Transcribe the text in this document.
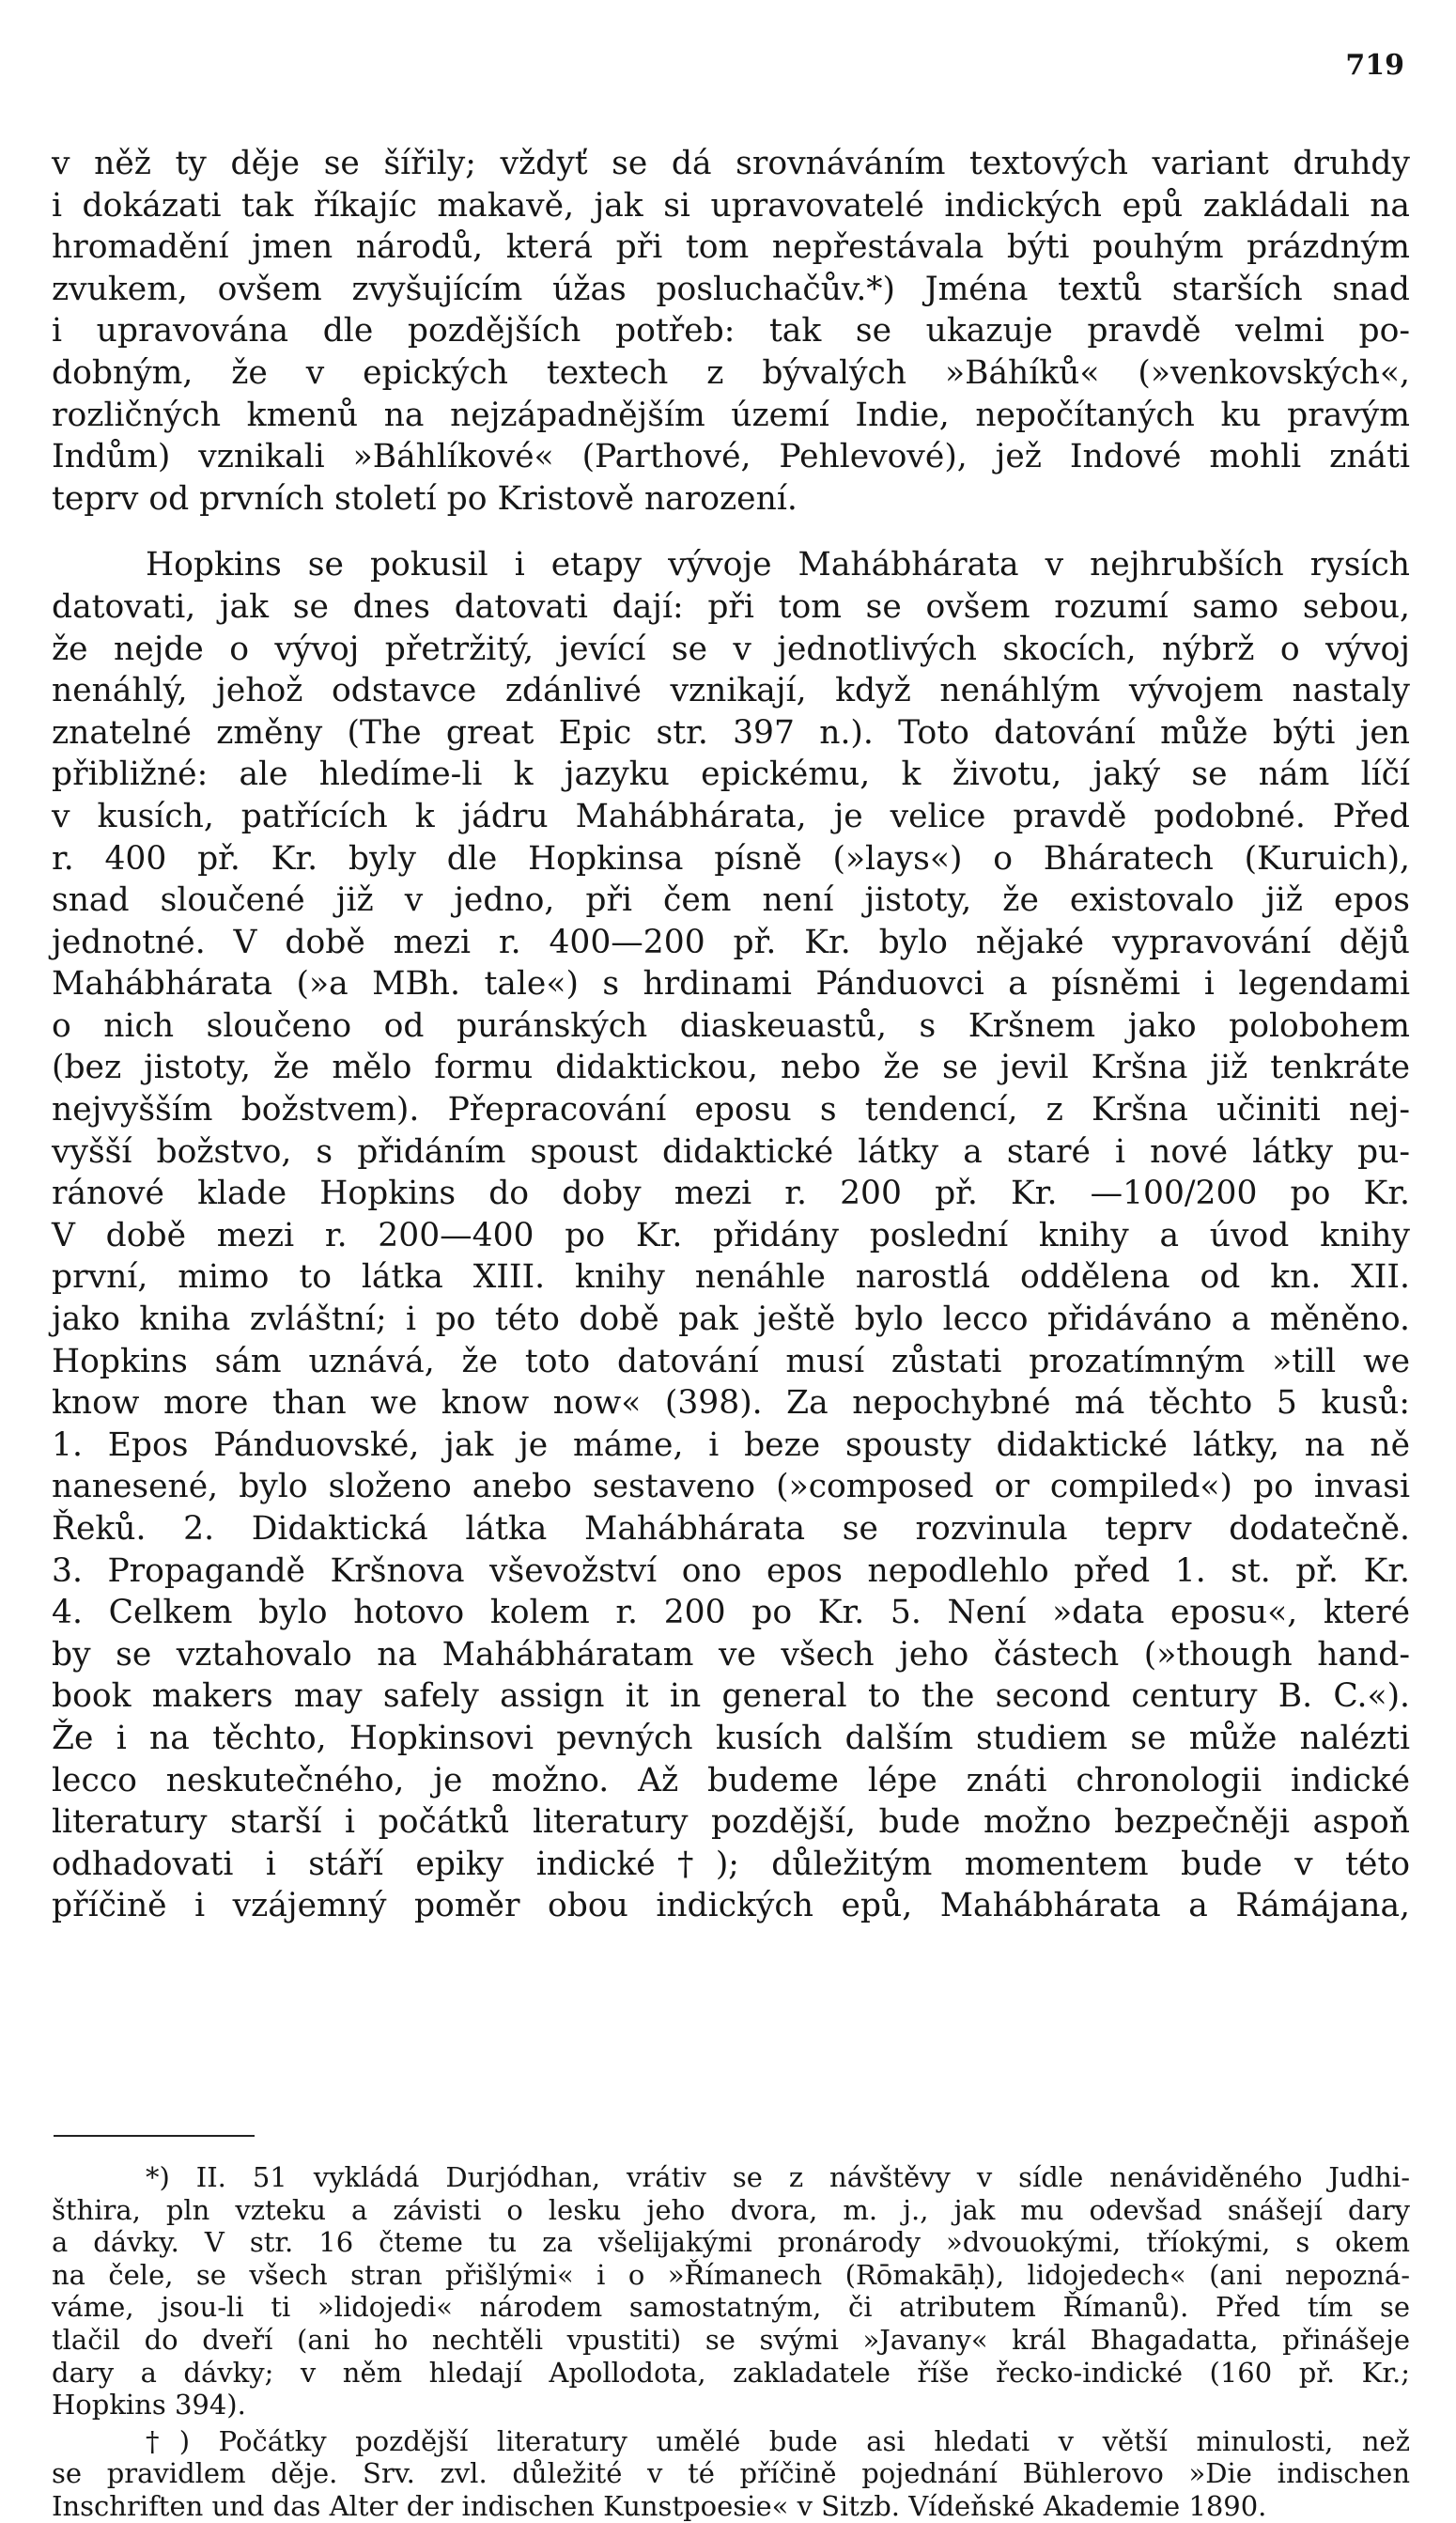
719

v něž ty děje se šířily; vždyť se dá srovnáváním textových variant druhdy
i dokázati tak říkajíc makavě, jak si upravovatelé indických epů zakládali na
hromadění jmen národů, která při tom nepřestávala býti pouhým prázdným
zvukem, ovšem zvyšujícím úžas posluchačův.*) Jména textů starších snad
i upravována dle pozdějších potřeb: tak se ukazuje pravdě velmi po-
dobným, že v epických textech z bývalých »Báhíků« (»venkovských«,
rozličných kmenů na nejzápadnějším území Indie, nepočítaných ku pravým
Indům) vznikali »Báhlíkové« (Parthové, Pehlevové), jež Indové mohli znáti
teprv od prvních století po Kristově narození.

Hopkins se pokusil i etapy vývoje Mahábhárata v nejhrubších rysích
datovati, jak se dnes datovati dají: při tom se ovšem rozumí samo sebou,
že nejde o vývoj přetržitý, jevící se v jednotlivých skocích, nýbrž o vývoj
nenáhlý, jehož odstavce zdánlivé vznikají, když nenáhlým vývojem nastaly
znatelné změny (The great Epic str. 397 n.). Toto datování může býti jen
přibližné: ale hledíme-li k jazyku epickému, k životu, jaký se nám líčí
v kusích, patřících k jádru Mahábhárata, je velice pravdě podobné. Před
r. 400 př. Kr. byly dle Hopkinsa písně (»lays«) o Bháratech (Kuruich),
snad sloučené již v jedno, při čem není jistoty, že existovalo již epos
jednotné. V době mezi r. 400—200 př. Kr. bylo nějaké vypravování dějů
Mahábhárata (»a MBh. tale«) s hrdinami Pánduovci a písněmi i legendami
o nich sloučeno od puránských diaskeuastů, s Kršnem jako polobohem
(bez jistoty, že mělo formu didaktickou, nebo že se jevil Kršna již tenkráte
nejvyšším božstvem). Přepracování eposu s tendencí, z Kršna učiniti nej-
vyšší božstvo, s přidáním spoust didaktické látky a staré i nové látky pu-
ránové klade Hopkins do doby mezi r. 200 př. Kr. —100/200 po Kr.
V době mezi r. 200—400 po Kr. přidány poslední knihy a úvod knihy
první, mimo to látka XIII. knihy nenáhle narostlá oddělena od kn. XII.
jako kniha zvláštní; i po této době pak ještě bylo lecco přidáváno a měněno.
Hopkins sám uznává, že toto datování musí zůstati prozatímným »till we
know more than we know now« (398). Za nepochybné má těchto 5 kusů:
1. Epos Pánduovské, jak je máme, i beze spousty didaktické látky, na ně
nanesené, bylo složeno anebo sestaveno (»composed or compiled«) po invasi
Řeků. 2. Didaktická látka Mahábhárata se rozvinula teprv dodatečně.
3. Propagandě Kršnova vševožství ono epos nepodlehlo před 1. st. př. Kr.
4. Celkem bylo hotovo kolem r. 200 po Kr. 5. Není »data eposu«, které
by se vztahovalo na Mahábháratam ve všech jeho částech (»though hand-
book makers may safely assign it in general to the second century B. C.«).
Že i na těchto, Hopkinsovi pevných kusích dalším studiem se může nalézti
lecco neskutečného, je možno. Až budeme lépe znáti chronologii indické
literatury starší i počátků literatury pozdější, bude možno bezpečněji aspoň
odhadovati i stáří epiky indické†); důležitým momentem bude v této
příčině i vzájemný poměr obou indických epů, Mahábhárata a Rámájana,

*) II. 51 vykládá Durjódhan, vrátiv se z návštěvy v sídle nenáviděného Judhi-
šthira, pln vzteku a závisti o lesku jeho dvora, m. j., jak mu odevšad snášejí dary
a dávky. V str. 16 čteme tu za všelijakými pronárody »dvouokými, tříokými, s okem
na čele, se všech stran přišlými« i o »Římanech (Rōmakāḥ), lidojedech« (ani nepozná-
váme, jsou-li ti »lidojedi« národem samostatným, či atributem Římanů). Před tím se
tlačil do dveří (ani ho nechtěli vpustiti) se svými »Javany« král Bhagadatta, přinášeje
dary a dávky; v něm hledají Apollodota, zakladatele říše řecko-indické (160 př. Kr.;
Hopkins 394).

†) Počátky pozdější literatury umělé bude asi hledati v větší minulosti, než
se pravidlem děje. Srv. zvl. důležité v té příčině pojednání Bühlerovo »Die indischen
Inschriften und das Alter der indischen Kunstpoesie« v Sitzb. Vídeňské Akademie 1890.
